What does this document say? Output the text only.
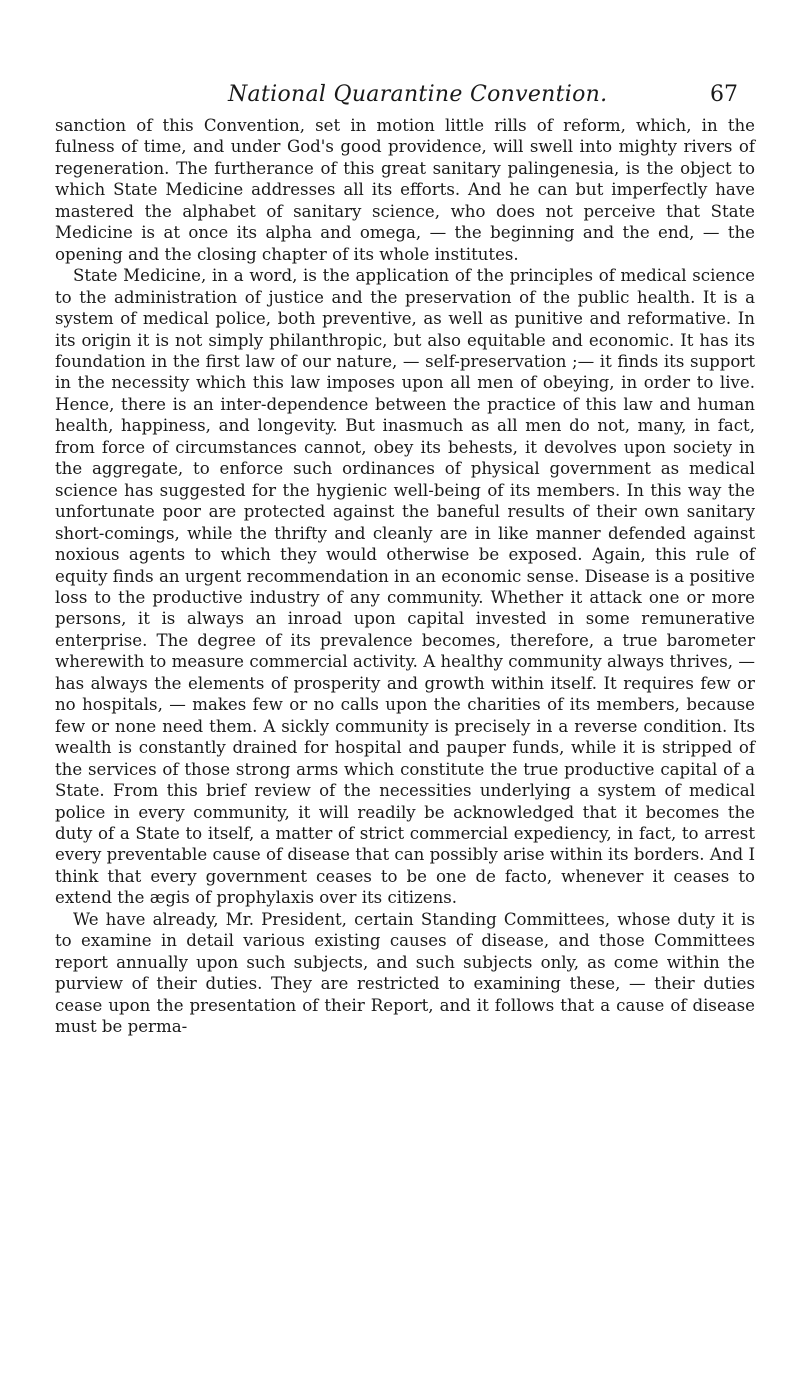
National Quarantine Convention.	67

sanction of this Convention, set in motion little rills of reform, which, in the fulness of time, and under God's good providence, will swell into mighty rivers of regeneration. The furtherance of this great sanitary palingenesia, is the object to which State Medicine addresses all its efforts. And he can but imperfectly have mastered the alphabet of sanitary science, who does not perceive that State Medicine is at once its alpha and omega, — the beginning and the end, — the opening and the closing chapter of its whole institutes.

State Medicine, in a word, is the application of the principles of medical science to the administration of justice and the preservation of the public health. It is a system of medical police, both preventive, as well as punitive and reformative. In its origin it is not simply philanthropic, but also equitable and economic. It has its foundation in the first law of our nature, — self-preservation ;— it finds its support in the necessity which this law imposes upon all men of obeying, in order to live. Hence, there is an inter-dependence between the practice of this law and human health, happiness, and longevity. But inasmuch as all men do not, many, in fact, from force of circumstances cannot, obey its behests, it devolves upon society in the aggregate, to enforce such ordinances of physical government as medical science has suggested for the hygienic well-being of its members. In this way the unfortunate poor are protected against the baneful results of their own sanitary short-comings, while the thrifty and cleanly are in like manner defended against noxious agents to which they would otherwise be exposed. Again, this rule of equity finds an urgent recommendation in an economic sense. Disease is a positive loss to the productive industry of any community. Whether it attack one or more persons, it is always an inroad upon capital invested in some remunerative enterprise. The degree of its prevalence becomes, therefore, a true barometer wherewith to measure commercial activity. A healthy community always thrives, — has always the elements of prosperity and growth within itself. It requires few or no hospitals, — makes few or no calls upon the charities of its members, because few or none need them. A sickly community is precisely in a reverse condition. Its wealth is constantly drained for hospital and pauper funds, while it is stripped of the services of those strong arms which constitute the true productive capital of a State. From this brief review of the necessities underlying a system of medical police in every community, it will readily be acknowledged that it becomes the duty of a State to itself, a matter of strict commercial expediency, in fact, to arrest every preventable cause of disease that can possibly arise within its borders. And I think that every government ceases to be one de facto, whenever it ceases to extend the ægis of prophylaxis over its citizens.

We have already, Mr. President, certain Standing Committees, whose duty it is to examine in detail various existing causes of disease, and those Committees report annually upon such subjects, and such subjects only, as come within the purview of their duties. They are restricted to examining these, — their duties cease upon the presentation of their Report, and it follows that a cause of disease must be perma-
